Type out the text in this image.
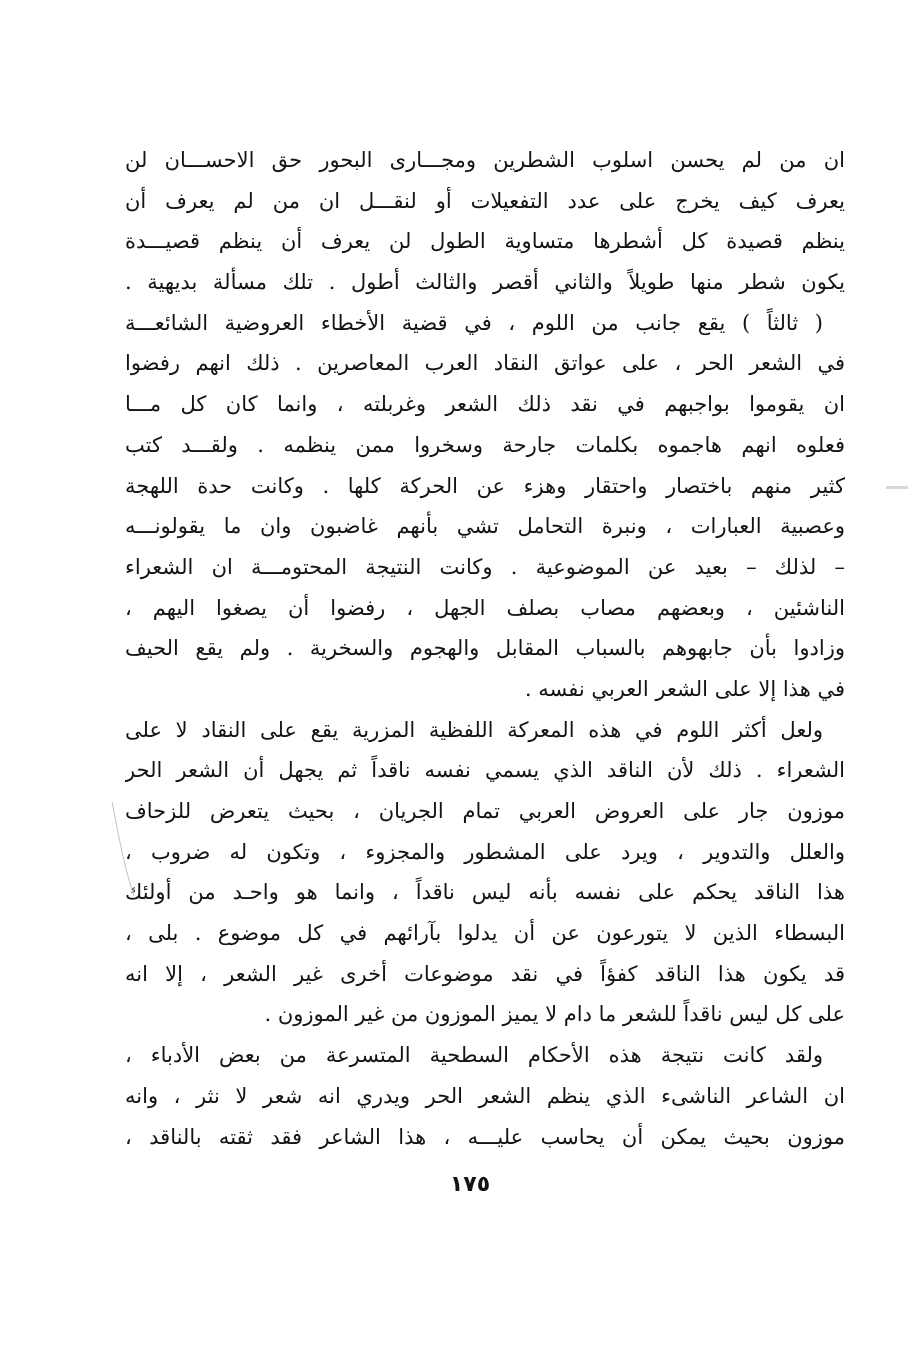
ان من لم يحسن اسلوب الشطرين ومجـــارى البحور حق الاحســـان لن
يعرف كيف يخرج على عدد التفعيلات أو لنقـــل ان من لم يعرف أن
ينظم قصيدة كل أشطرها متساوية الطول لن يعرف أن ينظم قصيـــدة
يكون شطر منها طويلاً والثاني أقصر والثالث أطول . تلك مسألة بديهية .
( ثالثاً ) يقع جانب من اللوم ، في قضية الأخطاء العروضية الشائعـــة
في الشعر الحر ، على عواتق النقاد العرب المعاصرين . ذلك انهم رفضوا
ان يقوموا بواجبهم في نقد ذلك الشعر وغربلته ، وانما كان كل مـــا
فعلوه انهم هاجموه بكلمات جارحة وسخروا ممن ينظمه . ولقـــد كتب
كثير منهم باختصار واحتقار وهزء عن الحركة كلها . وكانت حدة اللهجة
وعصبية العبارات ، ونبرة التحامل تشي بأنهم غاضبون وان ما يقولونـــه
– لذلك – بعيد عن الموضوعية . وكانت النتيجة المحتومـــة ان الشعراء
الناشئين ، وبعضهم مصاب بصلف الجهل ، رفضوا أن يصغوا اليهم ،
وزادوا بأن جابهوهم بالسباب المقابل والهجوم والسخرية . ولم يقع الحيف
في هذا إلا على الشعر العربي نفسه .
ولعل أكثر اللوم في هذه المعركة اللفظية المزرية يقع على النقاد لا على
الشعراء . ذلك لأن الناقد الذي يسمي نفسه ناقداً ثم يجهل أن الشعر الحر
موزون جار على العروض العربي تمام الجريان ، بحيث يتعرض للزحاف
والعلل والتدوير ، ويرد على المشطور والمجزوء ، وتكون له ضروب ،
هذا الناقد يحكم على نفسه بأنه ليس ناقداً ، وانما هو واحـد من أولئك
البسطاء الذين لا يتورعون عن أن يدلوا بآرائهم في كل موضوع . بلى ،
قد يكون هذا الناقد كفؤاً في نقد موضوعات أخرى غير الشعر ، إلا انه
على كل ليس ناقداً للشعر ما دام لا يميز الموزون من غير الموزون .
ولقد كانت نتيجة هذه الأحكام السطحية المتسرعة من بعض الأدباء ،
ان الشاعر الناشىء الذي ينظم الشعر الحر ويدري انه شعر لا نثر ، وانه
موزون بحيث يمكن أن يحاسب عليـــه ، هذا الشاعر فقد ثقته بالناقد ،
١٧٥
